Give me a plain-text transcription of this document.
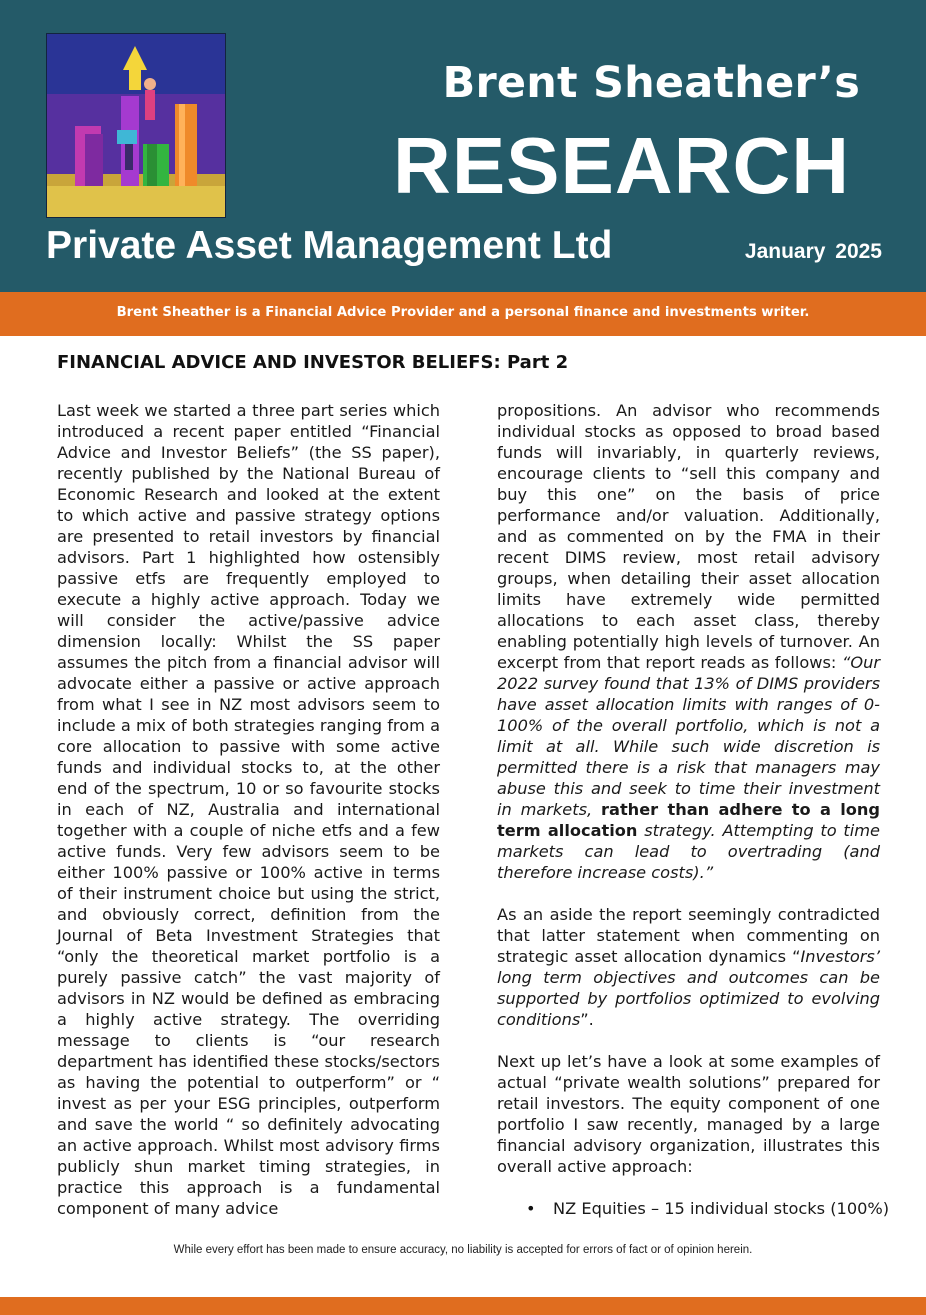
Brent Sheather’s
RESEARCH
Private Asset Management Ltd	January 2025
Brent Sheather is a Financial Advice Provider and a personal finance and investments writer.
FINANCIAL ADVICE AND INVESTOR BELIEFS: Part 2

Last week we started a three part series which introduced a recent paper entitled “Financial Advice and Investor Beliefs” (the SS paper), recently published by the National Bureau of Economic Research and looked at the extent to which active and passive strategy options are presented to retail investors by financial advisors. Part 1 highlighted how ostensibly passive etfs are frequently employed to execute a highly active approach. Today we will consider the active/passive advice dimension locally: Whilst the SS paper assumes the pitch from a financial advisor will advocate either a passive or active approach from what I see in NZ most advisors seem to include a mix of both strategies ranging from a core allocation to passive with some active funds and individual stocks to, at the other end of the spectrum, 10 or so favourite stocks in each of NZ, Australia and international together with a couple of niche etfs and a few active funds. Very few advisors seem to be either 100% passive or 100% active in terms of their instrument choice but using the strict, and obviously correct, definition from the Journal of Beta Investment Strategies that “only the theoretical market portfolio is a purely passive catch” the vast majority of advisors in NZ would be defined as embracing a highly active strategy. The overriding message to clients is “our research department has identified these stocks/sectors as having the potential to outperform” or “ invest as per your ESG principles, outperform and save the world “ so definitely advocating an active approach. Whilst most advisory firms publicly shun market timing strategies, in practice this approach is a fundamental component of many advice

propositions. An advisor who recommends individual stocks as opposed to broad based funds will invariably, in quarterly reviews, encourage clients to “sell this company and buy this one” on the basis of price performance and/or valuation. Additionally, and as commented on by the FMA in their recent DIMS review, most retail advisory groups, when detailing their asset allocation limits have extremely wide permitted allocations to each asset class, thereby enabling potentially high levels of turnover. An excerpt from that report reads as follows: “Our 2022 survey found that 13% of DIMS providers have asset allocation limits with ranges of 0-100% of the overall portfolio, which is not a limit at all. While such wide discretion is permitted there is a risk that managers may abuse this and seek to time their investment in markets, rather than adhere to a long term allocation strategy. Attempting to time markets can lead to overtrading (and therefore increase costs).”

As an aside the report seemingly contradicted that latter statement when commenting on strategic asset allocation dynamics “Investors’ long term objectives and outcomes can be supported by portfolios optimized to evolving conditions”.

Next up let’s have a look at some examples of actual “private wealth solutions” prepared for retail investors. The equity component of one portfolio I saw recently, managed by a large financial advisory organization, illustrates this overall active approach:

• NZ Equities – 15 individual stocks (100%)
While every effort has been made to ensure accuracy, no liability is accepted for errors of fact or of opinion herein.
